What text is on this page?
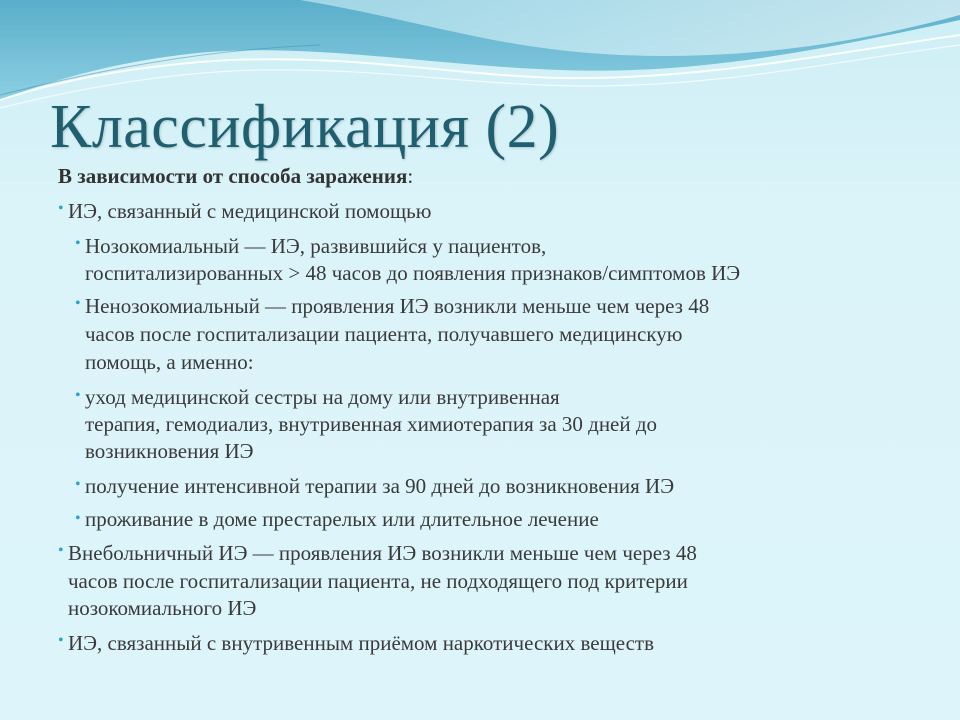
Классификация (2)
В зависимости от способа заражения:
• ИЭ, связанный с медицинской помощью
• Нозокомиальный — ИЭ, развившийся у пациентов,
госпитализированных > 48 часов до появления признаков/симптомов ИЭ
• Ненозокомиальный — проявления ИЭ возникли меньше чем через 48
часов после госпитализации пациента, получавшего медицинскую
помощь, а именно:
• уход медицинской сестры на дому или внутривенная
терапия, гемодиализ, внутривенная химиотерапия за 30 дней до
возникновения ИЭ
• получение интенсивной терапии за 90 дней до возникновения ИЭ
• проживание в доме престарелых или длительное лечение
• Внебольничный ИЭ — проявления ИЭ возникли меньше чем через 48
часов после госпитализации пациента, не подходящего под критерии
нозокомиального ИЭ
• ИЭ, связанный с внутривенным приёмом наркотических веществ
